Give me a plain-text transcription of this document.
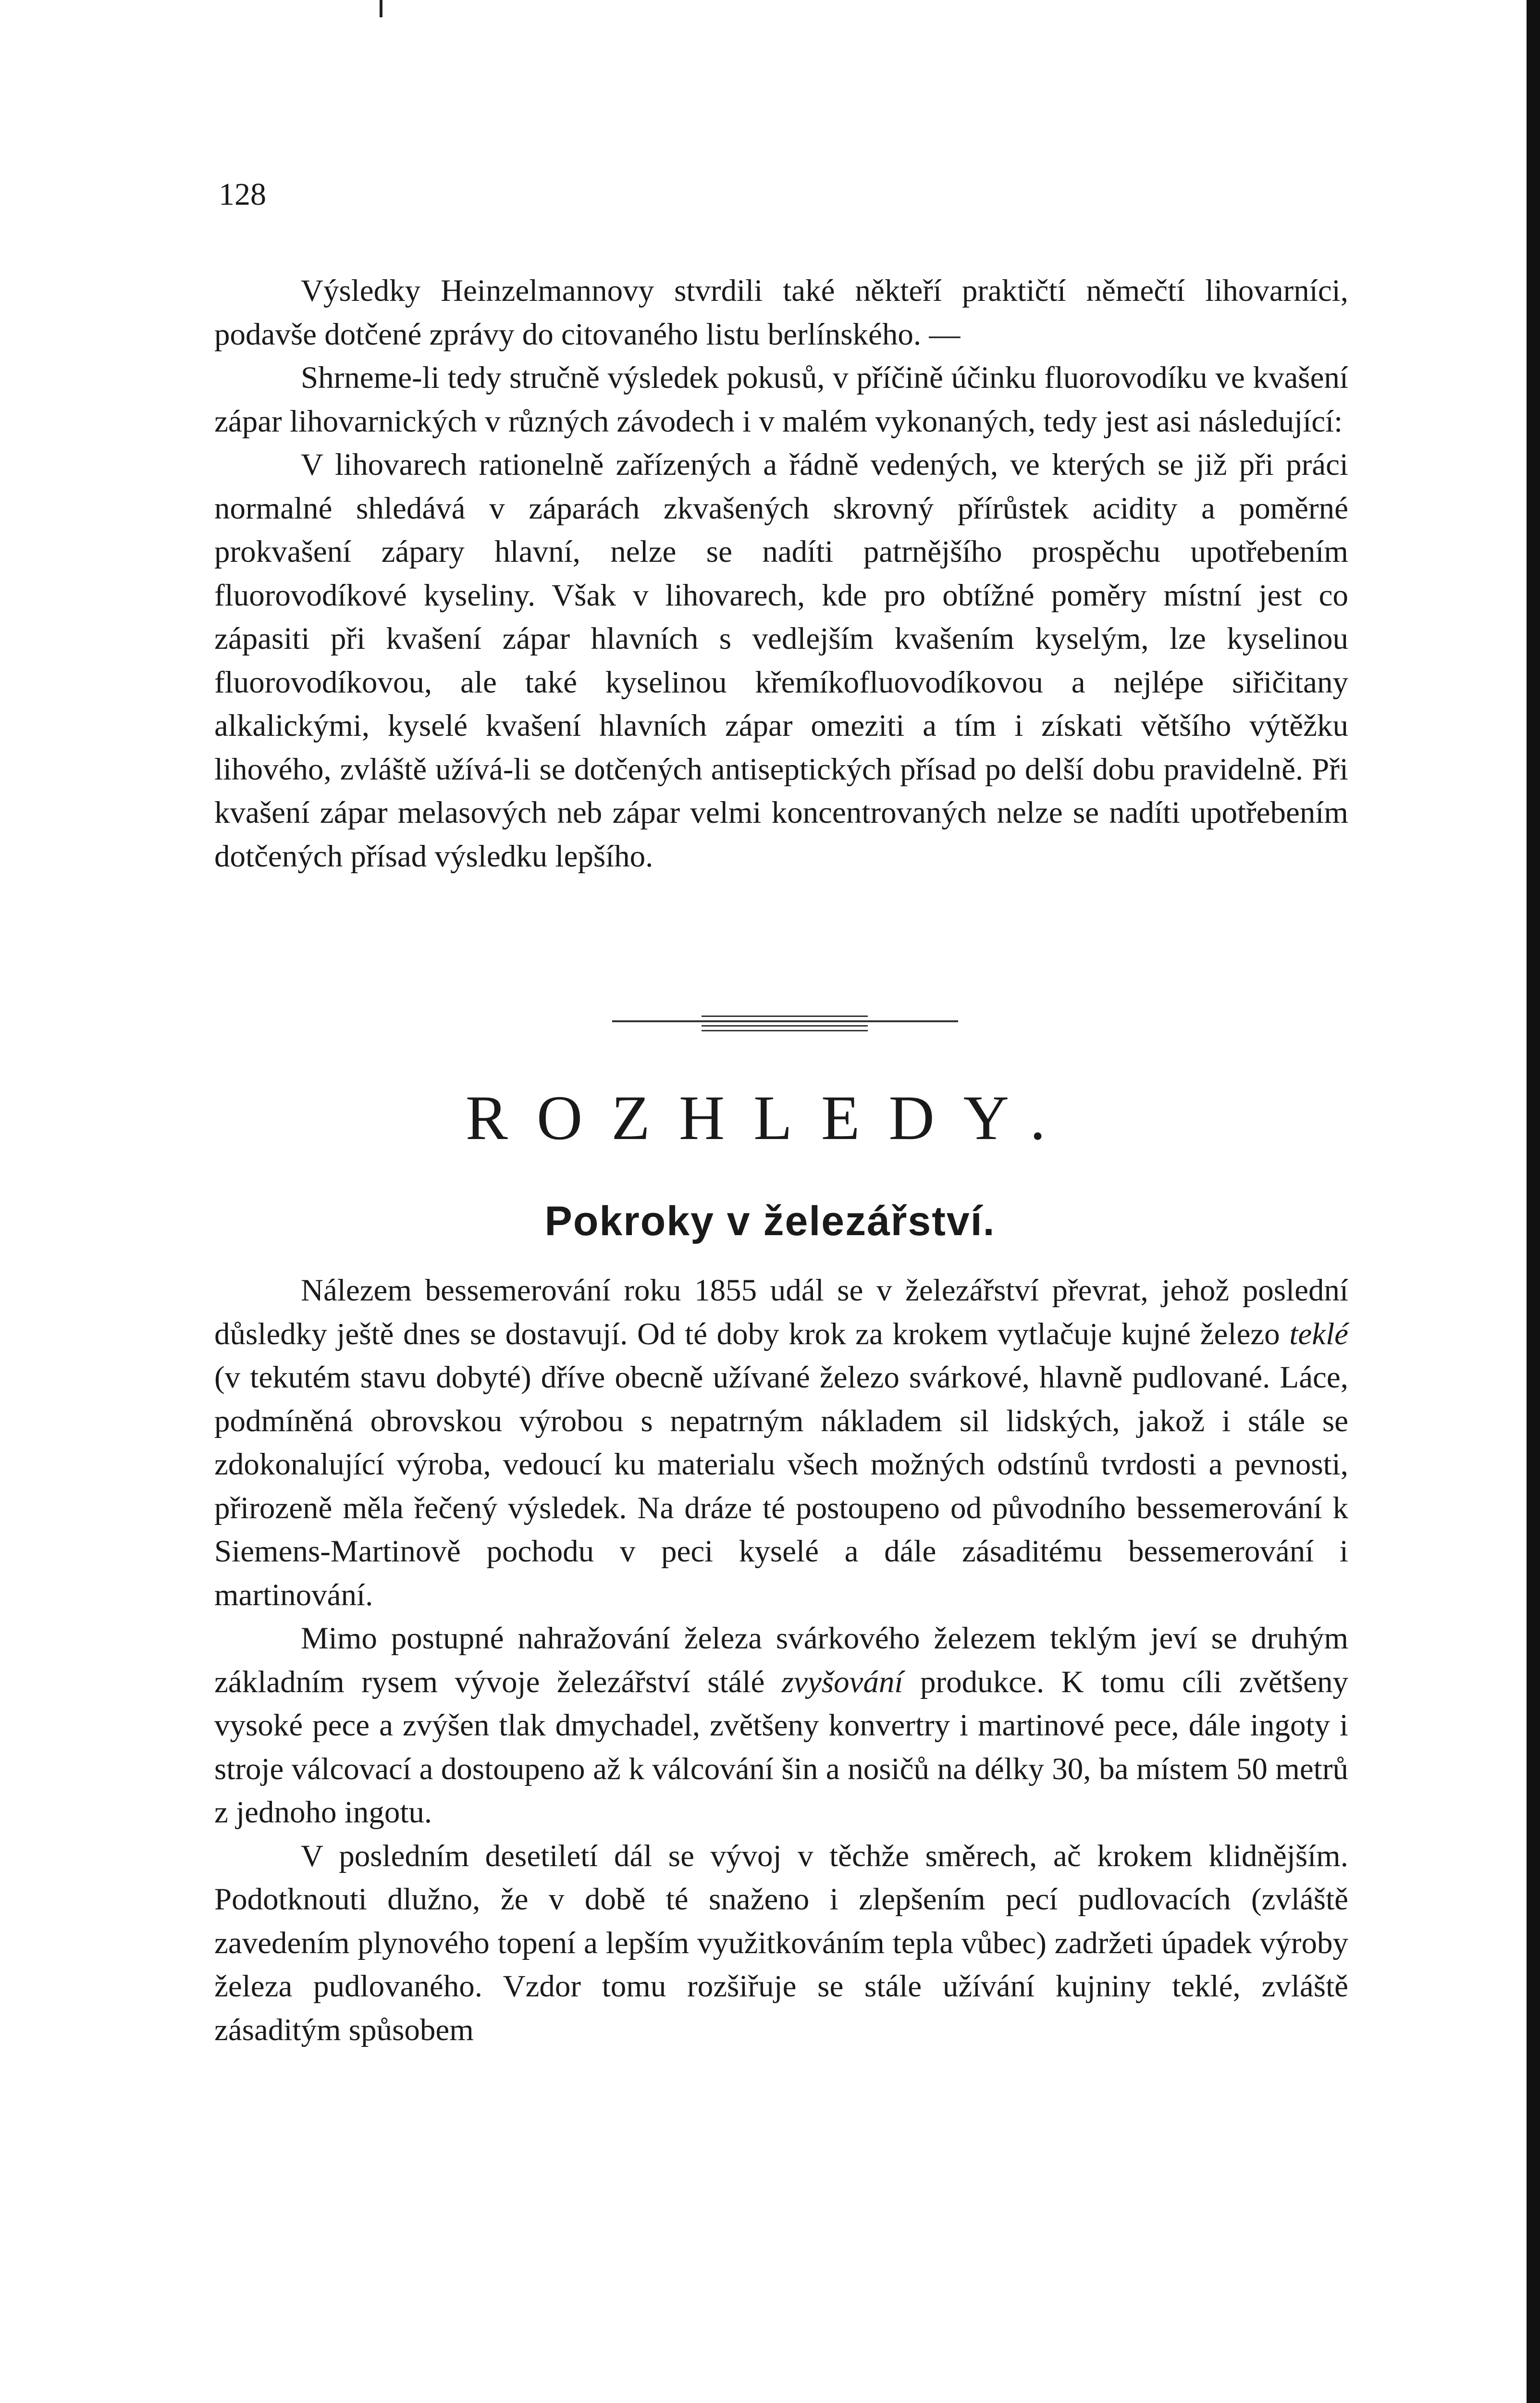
128

Výsledky Heinzelmannovy stvrdili také někteří praktičtí němečtí lihovarníci, podavše dotčené zprávy do citovaného listu berlínského. —

Shrneme-li tedy stručně výsledek pokusů, v příčině účinku fluorovodíku ve kvašení zápar lihovarnických v různých závodech i v malém vykonaných, tedy jest asi následující:

V lihovarech rationelně zařízených a řádně vedených, ve kterých se již při práci normalné shledává v záparách zkvašených skrovný přírůstek acidity a poměrné prokvašení zápary hlavní, nelze se nadíti patrnějšího prospěchu upotřebením fluorovodíkové kyseliny. Však v lihovarech, kde pro obtížné poměry místní jest co zápasiti při kvašení zápar hlavních s vedlejším kvašením kyselým, lze kyselinou fluorovodíkovou, ale také kyselinou křemíkofluovodíkovou a nejlépe siřičitany alkalickými, kyselé kvašení hlavních zápar omeziti a tím i získati většího výtěžku lihového, zvláště užívá-li se dotčených antiseptických přísad po delší dobu pravidelně. Při kvašení zápar melasových neb zápar velmi koncentrovaných nelze se nadíti upotřebením dotčených přísad výsledku lepšího.

ROZHLEDY.
Pokroky v železářství.

Nálezem bessemerování roku 1855 udál se v železářství převrat, jehož poslední důsledky ještě dnes se dostavují. Od té doby krok za krokem vytlačuje kujné železo teklé (v tekutém stavu dobyté) dříve obecně užívané železo svárkové, hlavně pudlované. Láce, podmíněná obrovskou výrobou s nepatrným nákladem sil lidských, jakož i stále se zdokonalující výroba, vedoucí ku materialu všech možných odstínů tvrdosti a pevnosti, přirozeně měla řečený výsledek. Na dráze té postoupeno od původního bessemerování k Siemens-Martinově pochodu v peci kyselé a dále zásaditému bessemerování i martinování.

Mimo postupné nahražování železa svárkového železem teklým jeví se druhým základním rysem vývoje železářství stálé zvyšování produkce. K tomu cíli zvětšeny vysoké pece a zvýšen tlak dmychadel, zvětšeny konvertry i martinové pece, dále ingoty i stroje válcovací a dostoupeno až k válcování šin a nosičů na délky 30, ba místem 50 metrů z jednoho ingotu.

V posledním desetiletí dál se vývoj v těchže směrech, ač krokem klidnějším. Podotknouti dlužno, že v době té snaženo i zlepšením pecí pudlovacích (zvláště zavedením plynového topení a lepším využitkováním tepla vůbec) zadržeti úpadek výroby železa pudlovaného. Vzdor tomu rozšiřuje se stále užívání kujniny teklé, zvláště zásaditým spůsobem
